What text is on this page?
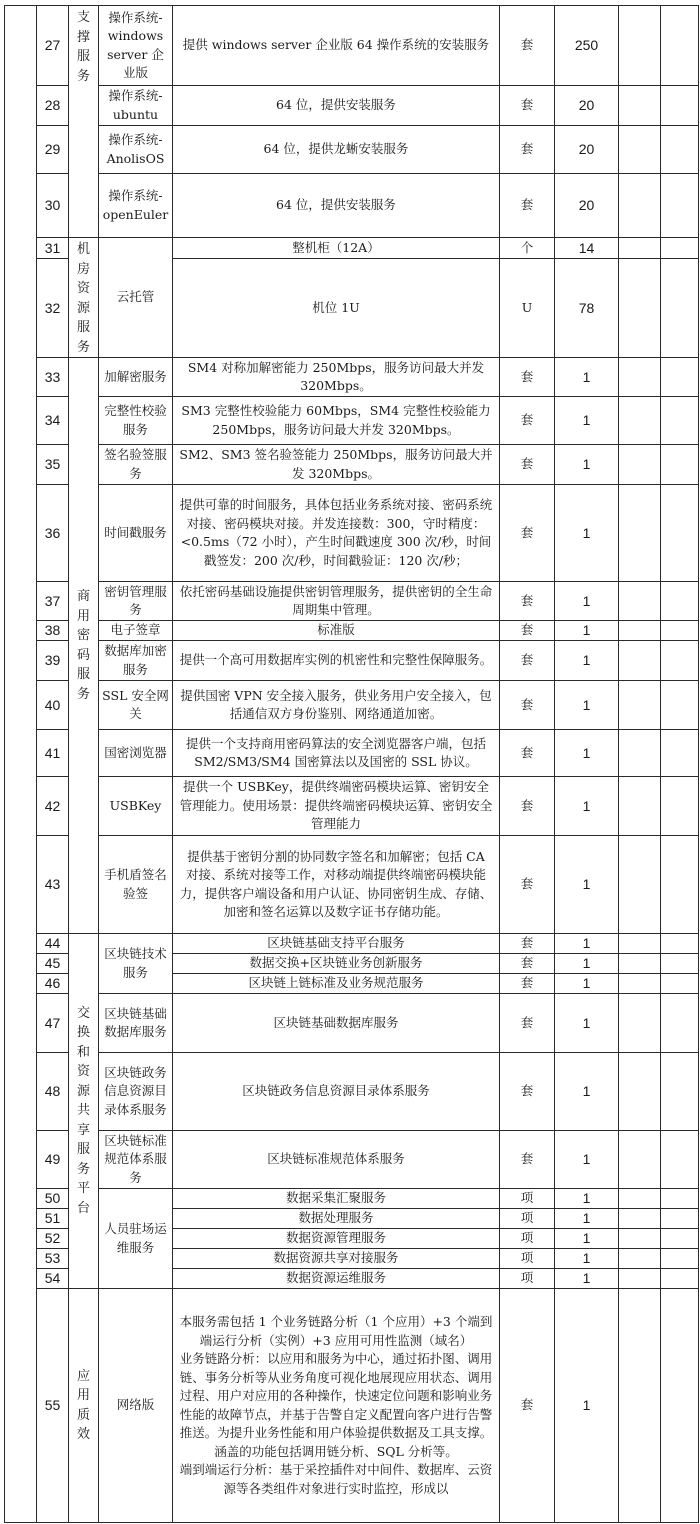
	27	支撑服务	操作系统-windows server 企业版	提供 windows server 企业版 64 操作系统的安装服务	套	250		
	28		操作系统-ubuntu	64 位，提供安装服务	套	20		
	29		操作系统-AnolisOS	64 位，提供龙蜥安装服务	套	20		
	30		操作系统-openEuler	64 位，提供安装服务	套	20		
	31	机房资源服务	云托管	整机柜（12A）	个	14		
	32			机位 1U	U	78		
	33	商用密码服务	加解密服务	SM4 对称加解密能力 250Mbps，服务访问最大并发 320Mbps。	套	1		
	34		完整性校验服务	SM3 完整性校验能力 60Mbps，SM4 完整性校验能力 250Mbps，服务访问最大并发 320Mbps。	套	1		
	35		签名验签服务	SM2、SM3 签名验签能力 250Mbps，服务访问最大并发 320Mbps。	套	1		
	36		时间戳服务	提供可靠的时间服务，具体包括业务系统对接、密码系统对接、密码模块对接。并发连接数：300，守时精度：<0.5ms（72 小时），产生时间戳速度 300 次/秒，时间戳签发：200 次/秒，时间戳验证：120 次/秒；	套	1		
	37		密钥管理服务	依托密码基础设施提供密钥管理服务，提供密钥的全生命周期集中管理。	套	1		
	38		电子签章	标准版	套	1		
	39		数据库加密服务	提供一个高可用数据库实例的机密性和完整性保障服务。	套	1		
	40		SSL 安全网关	提供国密 VPN 安全接入服务，供业务用户安全接入，包括通信双方身份鉴别、网络通道加密。	套	1		
	41		国密浏览器	提供一个支持商用密码算法的安全浏览器客户端，包括 SM2/SM3/SM4 国密算法以及国密的 SSL 协议。	套	1		
	42		USBKey	提供一个 USBKey，提供终端密码模块运算、密钥安全管理能力。使用场景：提供终端密码模块运算、密钥安全管理能力	套	1		
	43		手机盾签名验签	提供基于密钥分割的协同数字签名和加解密；包括 CA 对接、系统对接等工作，对移动端提供终端密码模块能力，提供客户端设备和用户认证、协同密钥生成、存储、加密和签名运算以及数字证书存储功能。	套	1		
	44	交换和资源共享服务平台	区块链技术服务	区块链基础支持平台服务	套	1		
	45			数据交换+区块链业务创新服务	套	1		
	46			区块链上链标准及业务规范服务	套	1		
	47		区块链基础数据库服务	区块链基础数据库服务	套	1		
	48		区块链政务信息资源目录体系服务	区块链政务信息资源目录体系服务	套	1		
	49		区块链标准规范体系服务	区块链标准规范体系服务	套	1		
	50		人员驻场运维服务	数据采集汇聚服务	项	1		
	51			数据处理服务	项	1		
	52			数据资源管理服务	项	1		
	53			数据资源共享对接服务	项	1		
	54			数据资源运维服务	项	1		
	55	应用质效	网络版	本服务需包括 1 个业务链路分析（1 个应用）+3 个端到端运行分析（实例）+3 应用可用性监测（域名）
业务链路分析：以应用和服务为中心，通过拓扑图、调用链、事务分析等从业务角度可视化地展现应用状态、调用过程、用户对应用的各种操作，快速定位问题和影响业务性能的故障节点，并基于告警自定义配置向客户进行告警推送。为提升业务性能和用户体验提供数据及工具支撑。涵盖的功能包括调用链分析、SQL 分析等。
端到端运行分析：基于采控插件对中间件、数据库、云资源等各类组件对象进行实时监控，形成以	套	1		
